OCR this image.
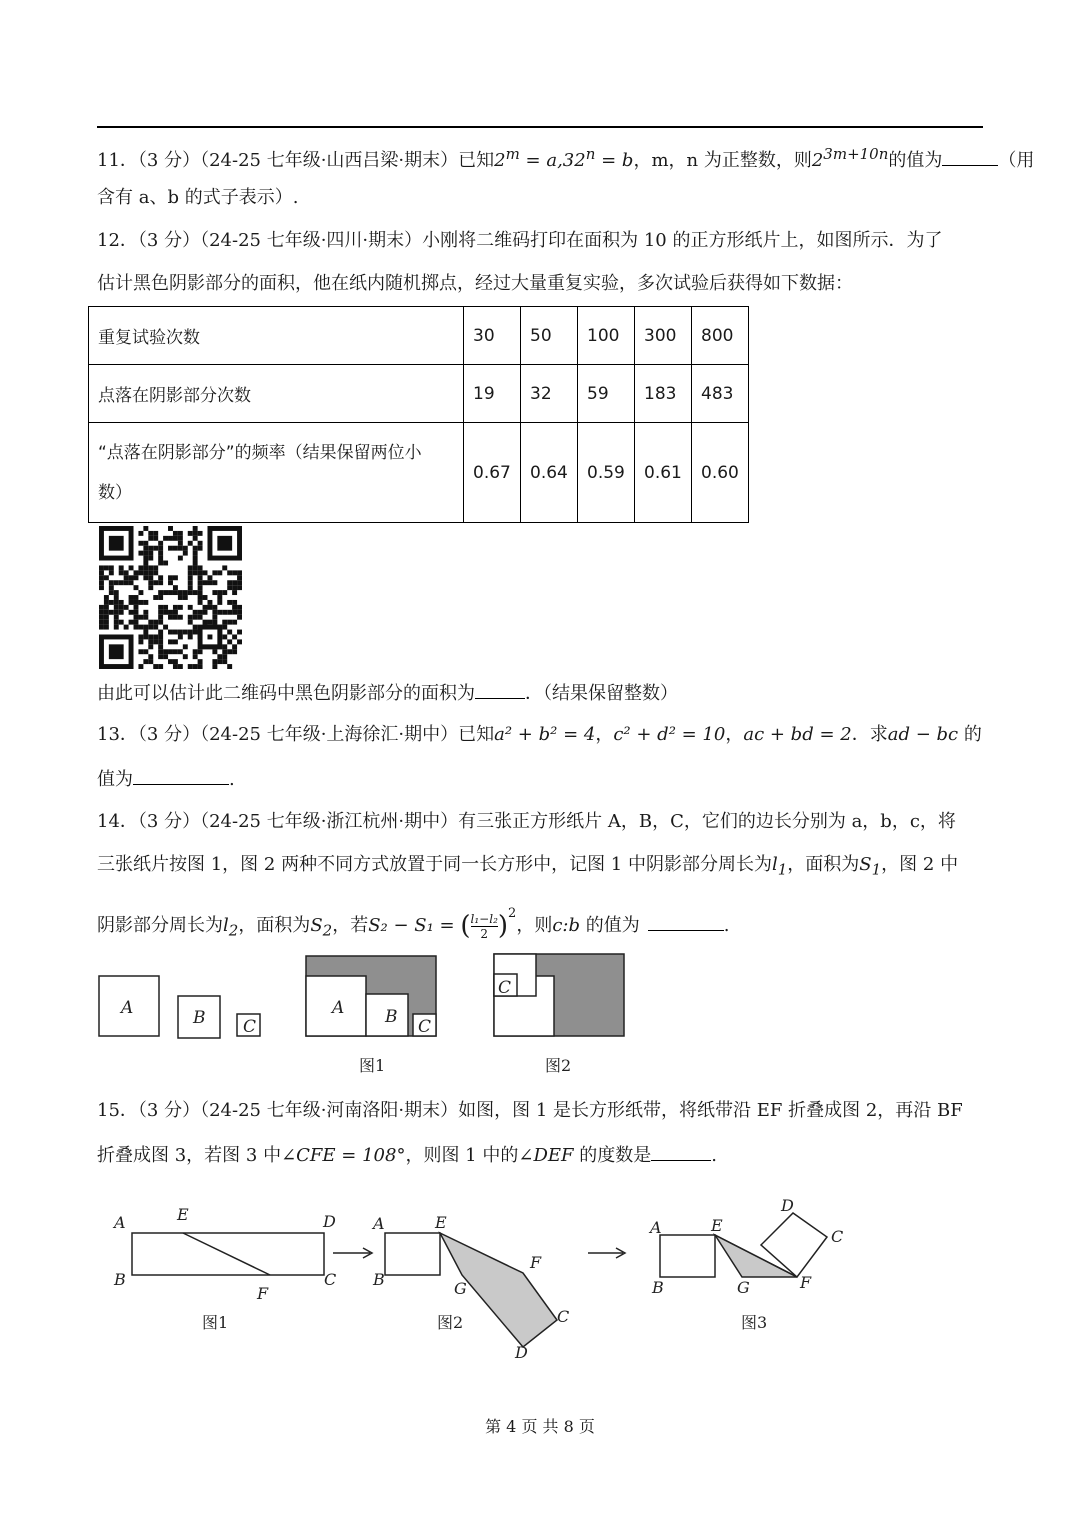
11．（3 分）（24-25 七年级·山西吕梁·期末）已知$2^m = a,32^n = b$，m，n 为正整数，则$2^{3m+10n}$的值为	（用
含有 a、b 的式子表示）.
12．（3 分）（24-25 七年级·四川·期末）小刚将二维码打印在面积为 10 的正方形纸片上，如图所示．为了
估计黑色阴影部分的面积，他在纸内随机掷点，经过大量重复实验，多次试验后获得如下数据：
重复试验次数	30	50	100	300	800
点落在阴影部分次数	19	32	59	183	483
“点落在阴影部分”的频率（结果保留两位小
数）	0.67	0.64	0.59	0.61	0.60
由此可以估计此二维码中黑色阴影部分的面积为	．（结果保留整数）
13．（3 分）（24-25 七年级·上海徐汇·期中）已知a² + b² = 4，c² + d² = 10，ac + bd = 2．求ad − bc 的
值为	.
14．（3 分）（24-25 七年级·浙江杭州·期中）有三张正方形纸片 A，B，C，它们的边长分别为 a，b，c，将
三张纸片按图 1，图 2 两种不同方式放置于同一长方形中，记图 1 中阴影部分周长为$l_1$，面积为$S_1$，图 2 中
阴影部分周长为$l_2$，面积为$S_2$，若S₂ − S₁ = ( $\frac{\text{l₁−l₂}}{2} )^2$，则c:b 的值为	.
A	B C
A B C
C
图1	图2
15．（3 分）（24-25 七年级·河南洛阳·期末）如图，图 1 是长方形纸带，将纸带沿 EF 折叠成图 2，再沿 BF
折叠成图 3，若图 3 中∠CFE = 108°，则图 1 中的∠DEF 的度数是	.
A	E	D
B
F
C
A	E
F
B	G
C
D
A	E
D
C
B	G	F
图1	图2	图3
第 4 页 共 8 页
